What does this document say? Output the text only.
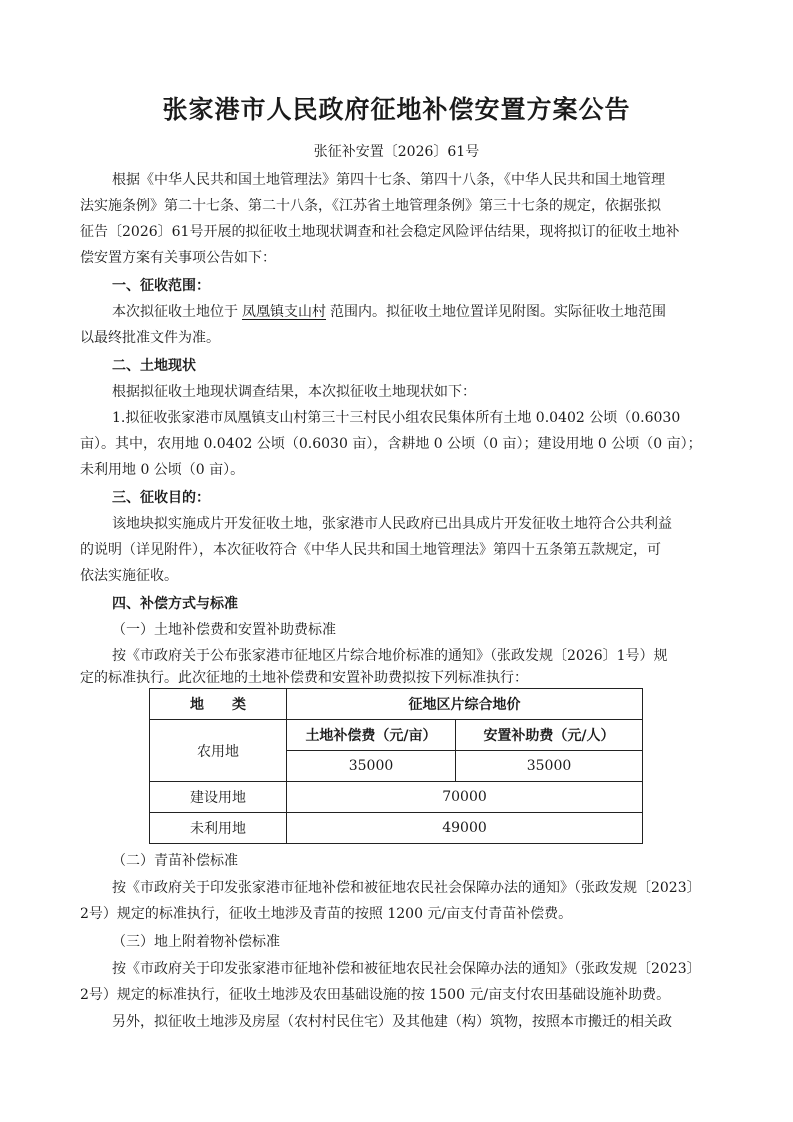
张家港市人民政府征地补偿安置方案公告
张征补安置〔2026〕61号
根据《中华人民共和国土地管理法》第四十七条、第四十八条，《中华人民共和国土地管理
法实施条例》第二十七条、第二十八条，《江苏省土地管理条例》第三十七条的规定，依据张拟
征告〔2026〕61号开展的拟征收土地现状调查和社会稳定风险评估结果，现将拟订的征收土地补
偿安置方案有关事项公告如下：
一、征收范围：
本次拟征收土地位于 凤凰镇支山村 范围内。拟征收土地位置详见附图。实际征收土地范围
以最终批准文件为准。
二、土地现状
根据拟征收土地现状调查结果，本次拟征收土地现状如下：
1.拟征收张家港市凤凰镇支山村第三十三村民小组农民集体所有土地 0.0402 公顷（0.6030
亩）。其中，农用地 0.0402 公顷（0.6030 亩），含耕地 0 公顷（0 亩）；建设用地 0 公顷（0 亩）；
未利用地 0 公顷（0 亩）。
三、征收目的：
该地块拟实施成片开发征收土地，张家港市人民政府已出具成片开发征收土地符合公共利益
的说明（详见附件），本次征收符合《中华人民共和国土地管理法》第四十五条第五款规定，可
依法实施征收。
四、补偿方式与标准
（一）土地补偿费和安置补助费标准
按《市政府关于公布张家港市征地区片综合地价标准的通知》（张政发规〔2026〕1号）规
定的标准执行。此次征地的土地补偿费和安置补助费拟按下列标准执行：
地　　类	征地区片综合地价	
农用地	土地补偿费（元/亩）	安置补助费（元/人）
	35000	35000
建设用地	70000	
未利用地	49000	
（二）青苗补偿标准
按《市政府关于印发张家港市征地补偿和被征地农民社会保障办法的通知》（张政发规〔2023〕
2号）规定的标准执行，征收土地涉及青苗的按照 1200 元/亩支付青苗补偿费。
（三）地上附着物补偿标准
按《市政府关于印发张家港市征地补偿和被征地农民社会保障办法的通知》（张政发规〔2023〕
2号）规定的标准执行，征收土地涉及农田基础设施的按 1500 元/亩支付农田基础设施补助费。
另外，拟征收土地涉及房屋（农村村民住宅）及其他建（构）筑物，按照本市搬迁的相关政
